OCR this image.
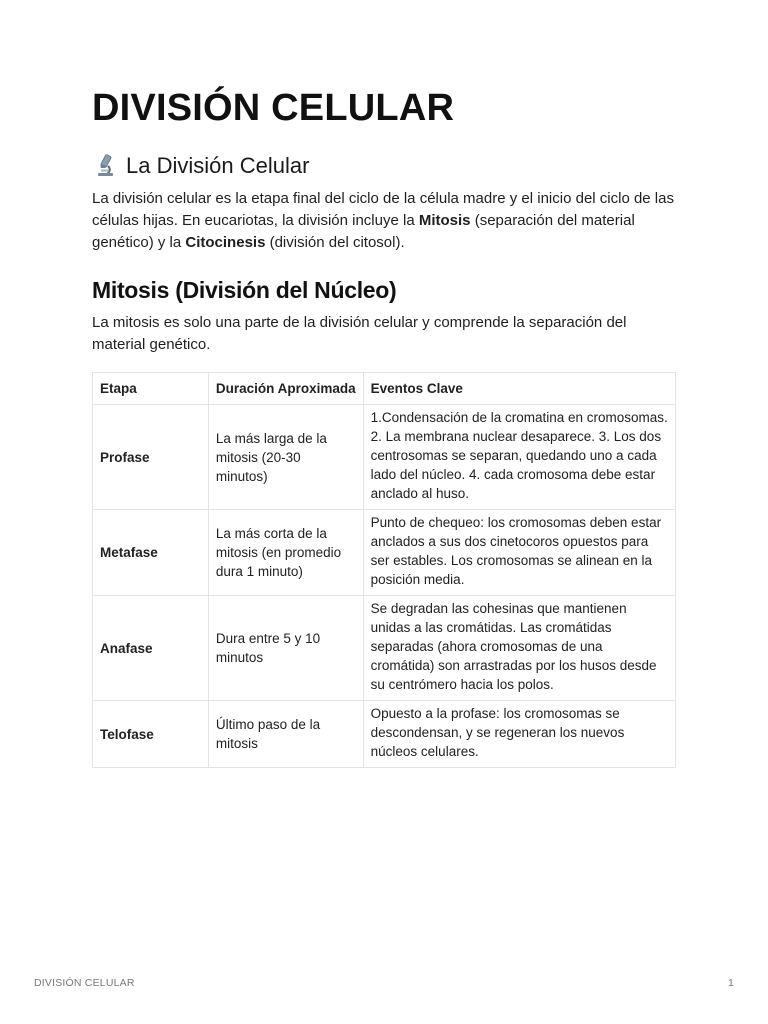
DIVISIÓN CELULAR
La División Celular

La división celular es la etapa final del ciclo de la célula madre y el inicio del ciclo de las células hijas. En eucariotas, la división incluye la Mitosis (separación del material genético) y la Citocinesis (división del citosol).

Mitosis (División del Núcleo)

La mitosis es solo una parte de la división celular y comprende la separación del material genético.

Etapa	Duración Aproximada	Eventos Clave
Profase	La más larga de la mitosis (20-30 minutos)	1.Condensación de la cromatina en cromosomas. 2. La membrana nuclear desaparece. 3. Los dos centrosomas se separan, quedando uno a cada lado del núcleo. 4. cada cromosoma debe estar anclado al huso.
Metafase	La más corta de la mitosis (en promedio dura 1 minuto)	Punto de chequeo: los cromosomas deben estar anclados a sus dos cinetocoros opuestos para ser estables. Los cromosomas se alinean en la posición media.
Anafase	Dura entre 5 y 10 minutos	Se degradan las cohesinas que mantienen unidas a las cromátidas. Las cromátidas separadas (ahora cromosomas de una cromátida) son arrastradas por los husos desde su centrómero hacia los polos.
Telofase	Último paso de la mitosis	Opuesto a la profase: los cromosomas se descondensan, y se regeneran los nuevos núcleos celulares.
DIVISIÓN CELULAR	1
